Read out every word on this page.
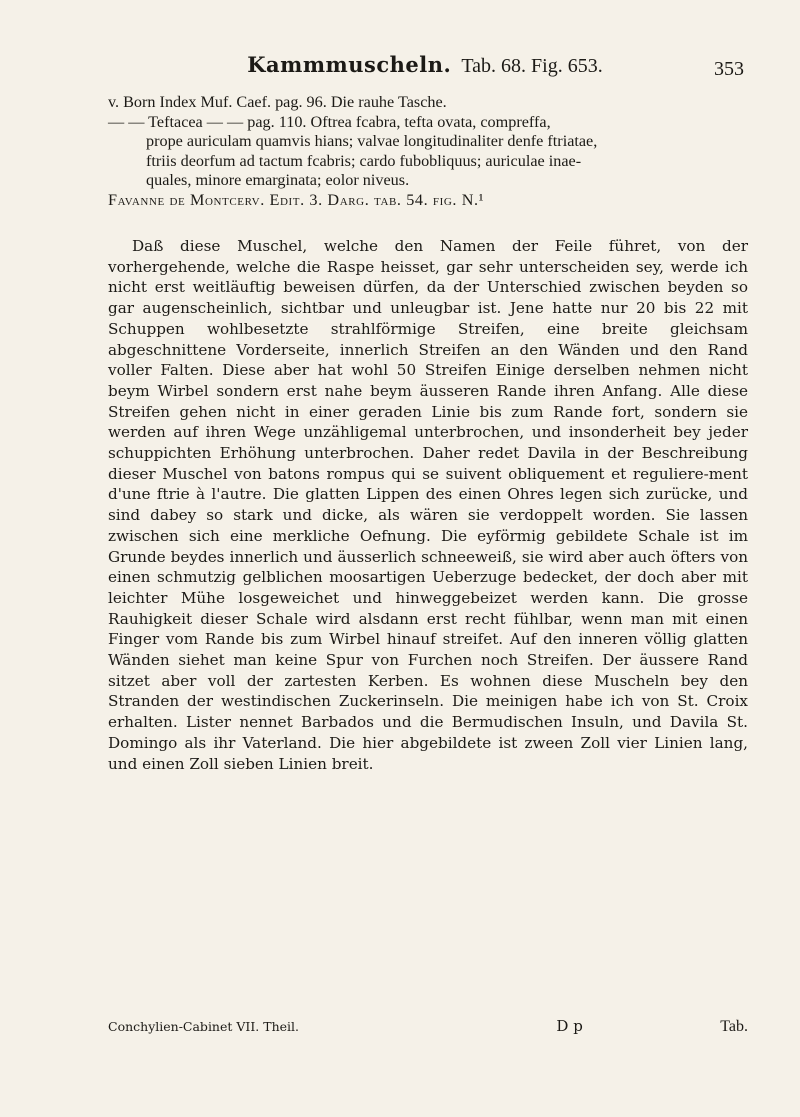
Kammmuscheln. Tab. 68. Fig. 653.	353

v. Born Index Muf. Caef. pag. 96. Die rauhe Tasche.

— — Teftacea — — pag. 110. Oftrea fcabra, tefta ovata, compreffa,

prope auriculam quamvis hians; valvae longitudinaliter denfe ftriatae,

ftriis deorfum ad tactum fcabris; cardo fubobliquus; auriculae inae-

quales, minore emarginata; eolor niveus.

Favanne de Montcerv. Edit. 3. Darg. tab. 54. fig. N.¹

Daß diese Muschel, welche den Namen der Feile führet, von der vorhergehende, welche die Raspe heisset, gar sehr unterscheiden sey, werde ich nicht erst weitläuftig beweisen dürfen, da der Unterschied zwischen beyden so gar augenscheinlich, sichtbar und unleugbar ist. Jene hatte nur 20 bis 22 mit Schuppen wohlbesetzte strahlförmige Streifen, eine breite gleichsam abgeschnittene Vorderseite, innerlich Streifen an den Wänden und den Rand voller Falten. Diese aber hat wohl 50 Streifen Einige derselben nehmen nicht beym Wirbel sondern erst nahe beym äusseren Rande ihren Anfang. Alle diese Streifen gehen nicht in einer geraden Linie bis zum Rande fort, sondern sie werden auf ihren Wege unzähligemal unterbrochen, und insonderheit bey jeder schuppichten Erhöhung unterbrochen. Daher redet Davila in der Beschreibung dieser Muschel von batons rompus qui se suivent obliquement et reguliere-ment d'une ftrie à l'autre. Die glatten Lippen des einen Ohres legen sich zurücke, und sind dabey so stark und dicke, als wären sie verdoppelt worden. Sie lassen zwischen sich eine merkliche Oefnung. Die eyförmig gebildete Schale ist im Grunde beydes innerlich und äusserlich schneeweiß, sie wird aber auch öfters von einen schmutzig gelblichen moosartigen Ueberzuge bedecket, der doch aber mit leichter Mühe losgeweichet und hinweggebeizet werden kann. Die grosse Rauhigkeit dieser Schale wird alsdann erst recht fühlbar, wenn man mit einen Finger vom Rande bis zum Wirbel hinauf streifet. Auf den inneren völlig glatten Wänden siehet man keine Spur von Furchen noch Streifen. Der äussere Rand sitzet aber voll der zartesten Kerben. Es wohnen diese Muscheln bey den Stranden der westindischen Zuckerinseln. Die meinigen habe ich von St. Croix erhalten. Lister nennet Barbados und die Bermudischen Insuln, und Davila St. Domingo als ihr Vaterland. Die hier abgebildete ist zween Zoll vier Linien lang, und einen Zoll sieben Linien breit.

Conchylien-Cabinet VII. Theil.	D p	Tab.
